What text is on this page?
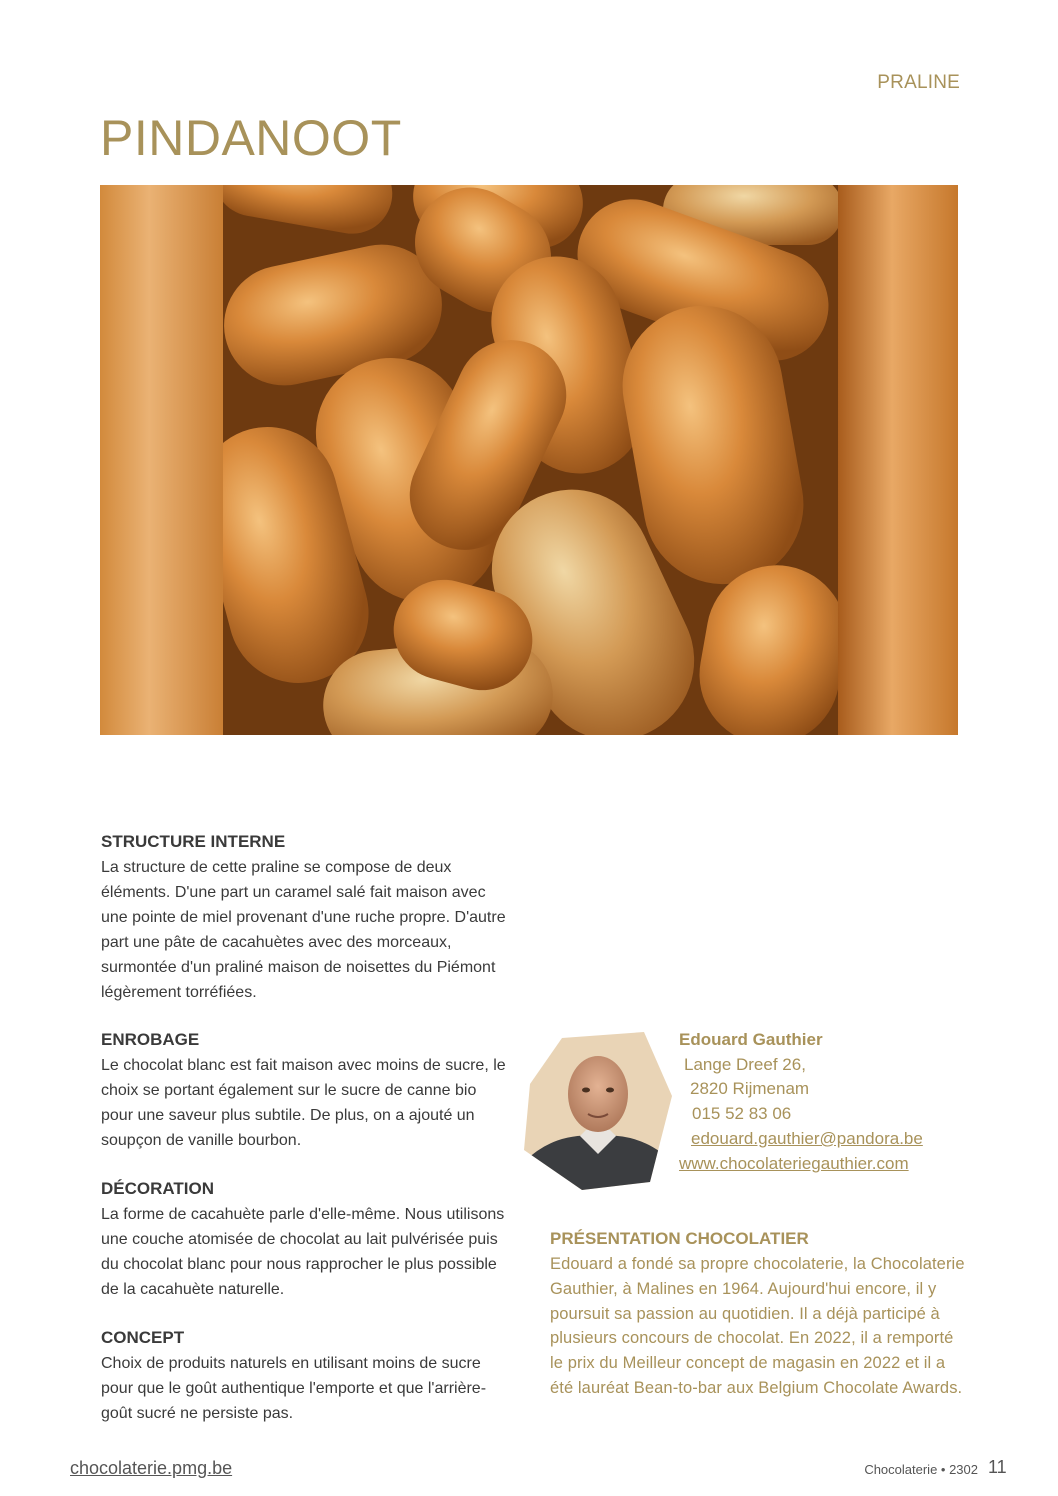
PRALINE
PINDANOOT
STRUCTURE INTERNE

La structure de cette praline se compose de deux éléments. D'une part un caramel salé fait maison avec une pointe de miel provenant d'une ruche propre. D'autre part une pâte de cacahuètes avec des morceaux, surmontée d'un praliné maison de noisettes du Piémont légèrement torréfiées.

ENROBAGE

Le chocolat blanc est fait maison avec moins de sucre, le choix se portant également sur le sucre de canne bio pour une saveur plus subtile. De plus, on a ajouté un soupçon de vanille bourbon.

DÉCORATION

La forme de cacahuète parle d'elle-même. Nous utilisons une couche atomisée de chocolat au lait pulvérisée puis du chocolat blanc pour nous rapprocher le plus possible de la cacahuète naturelle.

CONCEPT

Choix de produits naturels en utilisant moins de sucre pour que le goût authentique l'emporte et que l'arrière-goût sucré ne persiste pas.

Edouard Gauthier
Lange Dreef 26,
2820 Rijmenam
015 52 83 06
edouard.gauthier@pandora.be
www.chocolateriegauthier.com
PRÉSENTATION CHOCOLATIER

Edouard a fondé sa propre chocolaterie, la Chocolaterie Gauthier, à Malines en 1964. Aujourd'hui encore, il y poursuit sa passion au quotidien. Il a déjà participé à plusieurs concours de chocolat. En 2022, il a remporté le prix du Meilleur concept de magasin en 2022 et il a été lauréat Bean-to-bar aux Belgium Chocolate Awards.

chocolaterie.pmg.be	Chocolaterie • 2302 11
